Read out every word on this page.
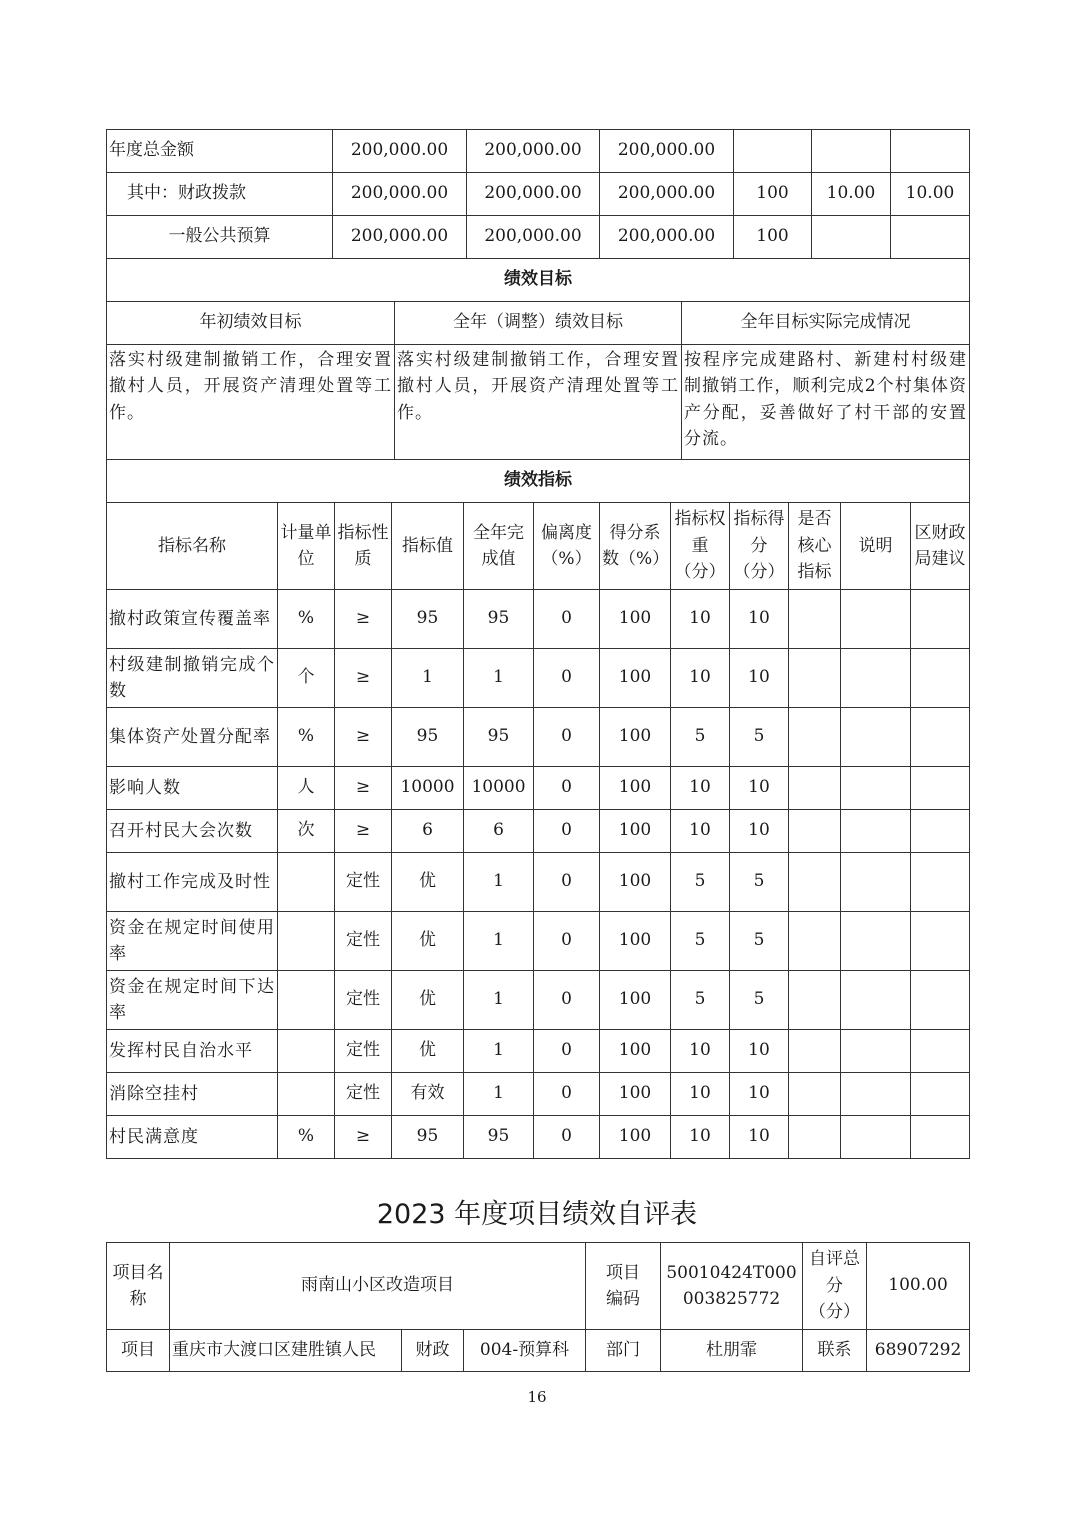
年度总金额	200,000.00	200,000.00	200,000.00			
其中：财政拨款	200,000.00	200,000.00	200,000.00	100	10.00	10.00
一般公共预算	200,000.00	200,000.00	200,000.00	100		
绩效目标		
年初绩效目标	全年（调整）绩效目标	全年目标实际完成情况
落实村级建制撤销工作，合理安置撤村人员，开展资产清理处置等工作。	落实村级建制撤销工作，合理安置撤村人员，开展资产清理处置等工作。	按程序完成建路村、新建村村级建制撤销工作，顺利完成2个村集体资产分配，妥善做好了村干部的安置分流。
绩效指标											
指标名称	计量单位	指标性质	指标值	全年完成值	偏离度（%）	得分系数（%）	指标权重（分）	指标得分（分）	是否核心指标	说明	区财政局建议
撤村政策宣传覆盖率	%	≥	95	95	0	100	10	10			
村级建制撤销完成个数	个	≥	1	1	0	100	10	10			
集体资产处置分配率	%	≥	95	95	0	100	5	5			
影响人数	人	≥	10000	10000	0	100	10	10			
召开村民大会次数	次	≥	6	6	0	100	10	10			
撤村工作完成及时性		定性	优	1	0	100	5	5			
资金在规定时间使用率		定性	优	1	0	100	5	5			
资金在规定时间下达率		定性	优	1	0	100	5	5			
发挥村民自治水平		定性	优	1	0	100	10	10			
消除空挂村		定性	有效	1	0	100	10	10			
村民满意度	%	≥	95	95	0	100	10	10			
2023 年度项目绩效自评表
项目名称	雨南山小区改造项目			项目编码	50010424T000003825772	自评总分（分）	100.00
项目	重庆市大渡口区建胜镇人民	财政	004-预算科	部门	杜朋霏	联系	68907292
16
